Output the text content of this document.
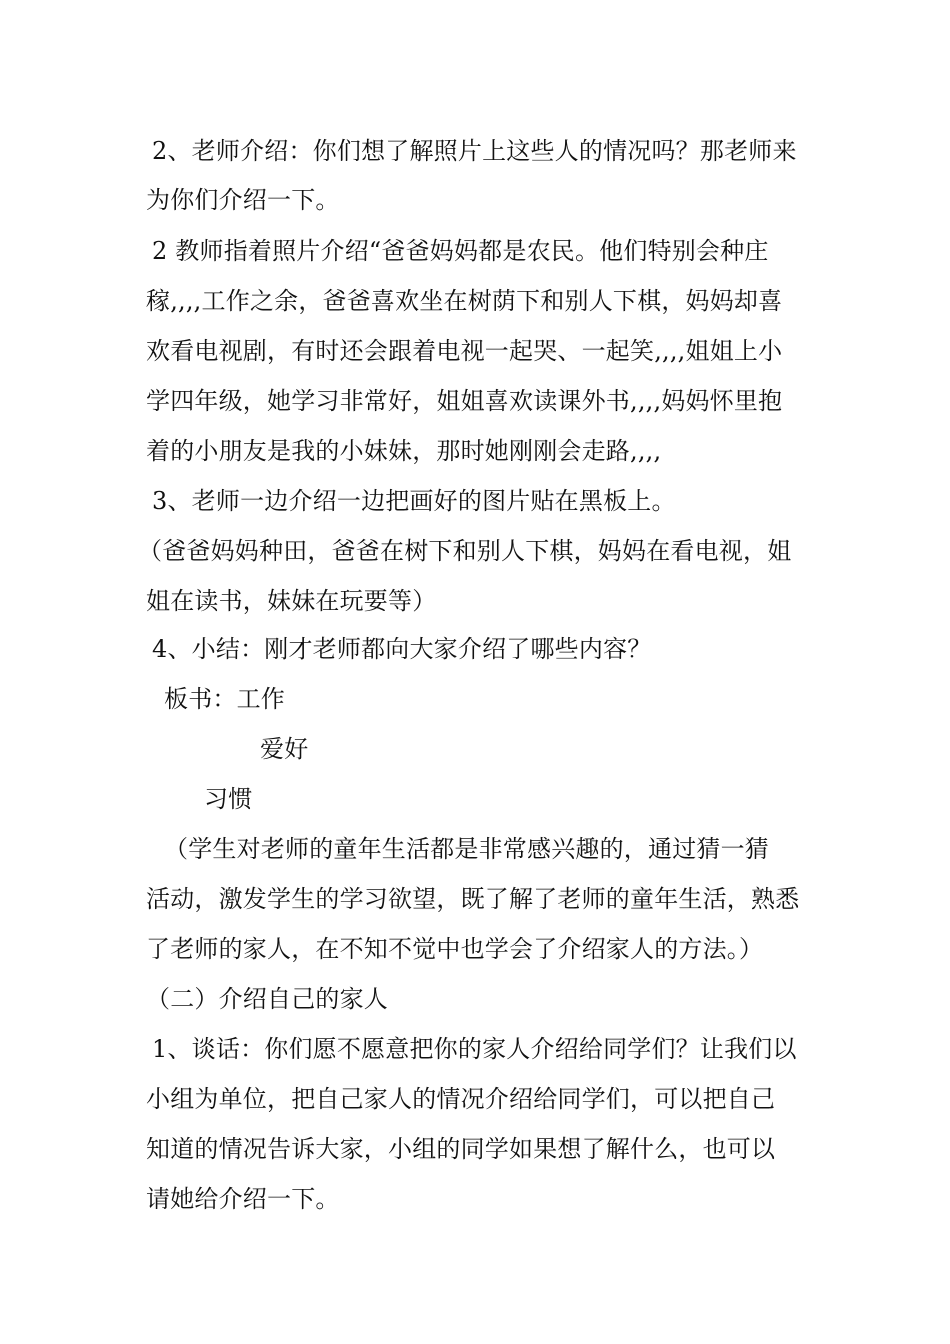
2、老师介绍：你们想了解照片上这些人的情况吗？那老师来
为你们介绍一下。
2 教师指着照片介绍“爸爸妈妈都是农民。他们特别会种庄
稼,,,,工作之余，爸爸喜欢坐在树荫下和别人下棋，妈妈却喜
欢看电视剧，有时还会跟着电视一起哭、一起笑,,,,姐姐上小
学四年级，她学习非常好，姐姐喜欢读课外书,,,,妈妈怀里抱
着的小朋友是我的小妹妹，那时她刚刚会走路,,,,
3、老师一边介绍一边把画好的图片贴在黑板上。
（爸爸妈妈种田，爸爸在树下和别人下棋，妈妈在看电视，姐
姐在读书，妹妹在玩要等）
4、小结：刚才老师都向大家介绍了哪些内容？
板书：工作
爱好
习惯
（学生对老师的童年生活都是非常感兴趣的，通过猜一猜
活动，激发学生的学习欲望，既了解了老师的童年生活，熟悉
了老师的家人，在不知不觉中也学会了介绍家人的方法。）
（二）介绍自己的家人
1、谈话：你们愿不愿意把你的家人介绍给同学们？让我们以
小组为单位，把自己家人的情况介绍给同学们，可以把自己
知道的情况告诉大家，小组的同学如果想了解什么，也可以
请她给介绍一下。
